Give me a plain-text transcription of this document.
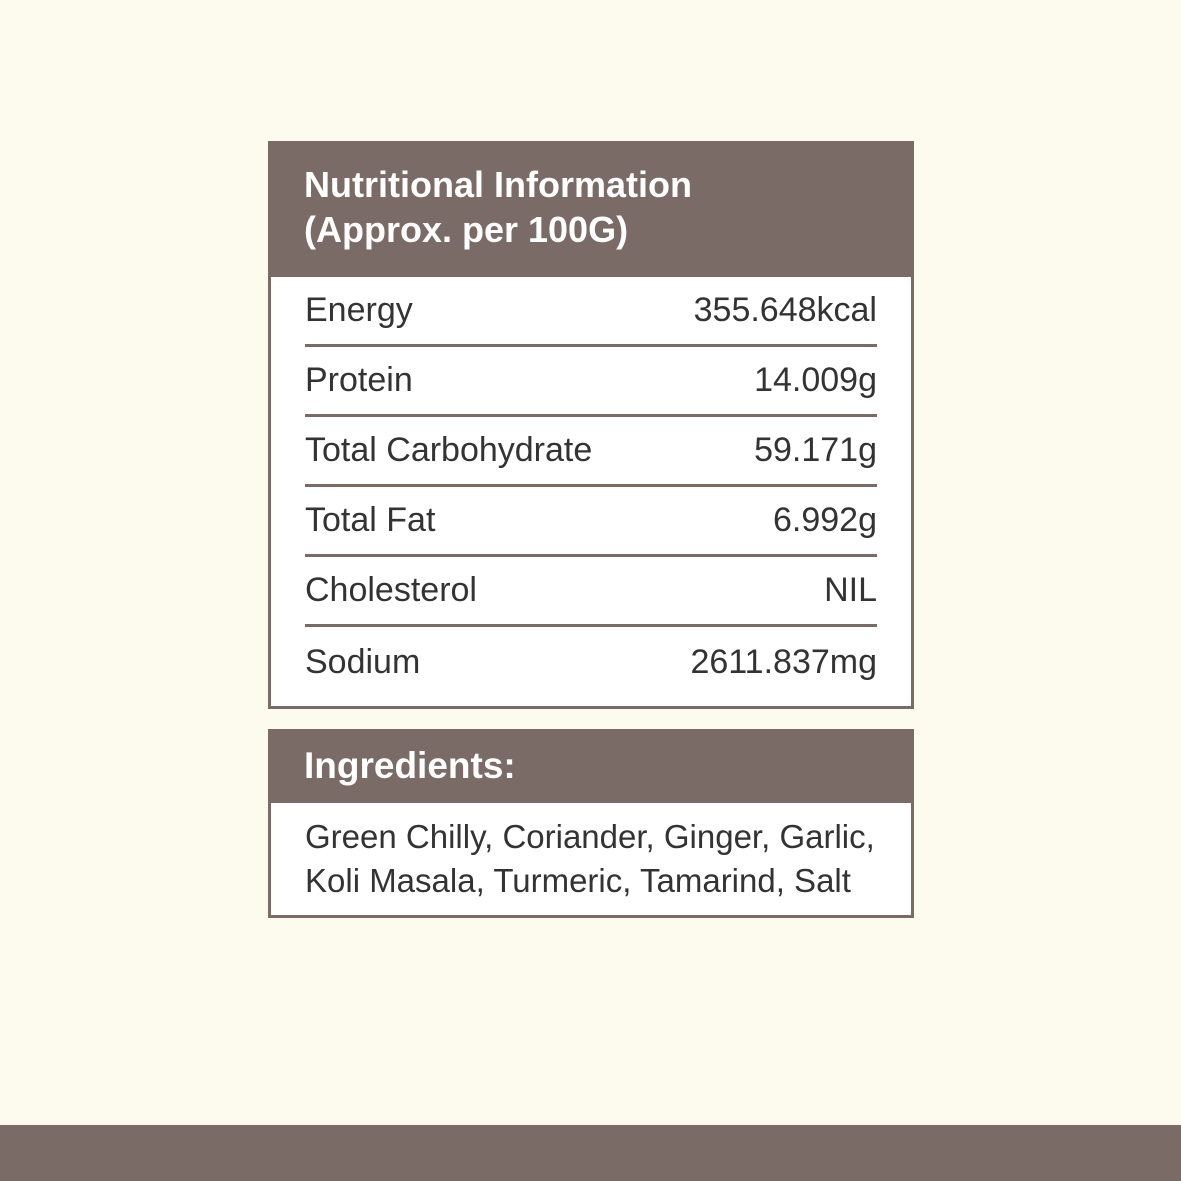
Nutritional Information
(Approx. per 100G)
Energy	355.648kcal
Protein	14.009g
Total Carbohydrate	59.171g
Total Fat	6.992g
Cholesterol	NIL
Sodium	2611.837mg
Ingredients:
Green Chilly, Coriander, Ginger, Garlic,
Koli Masala, Turmeric, Tamarind, Salt
